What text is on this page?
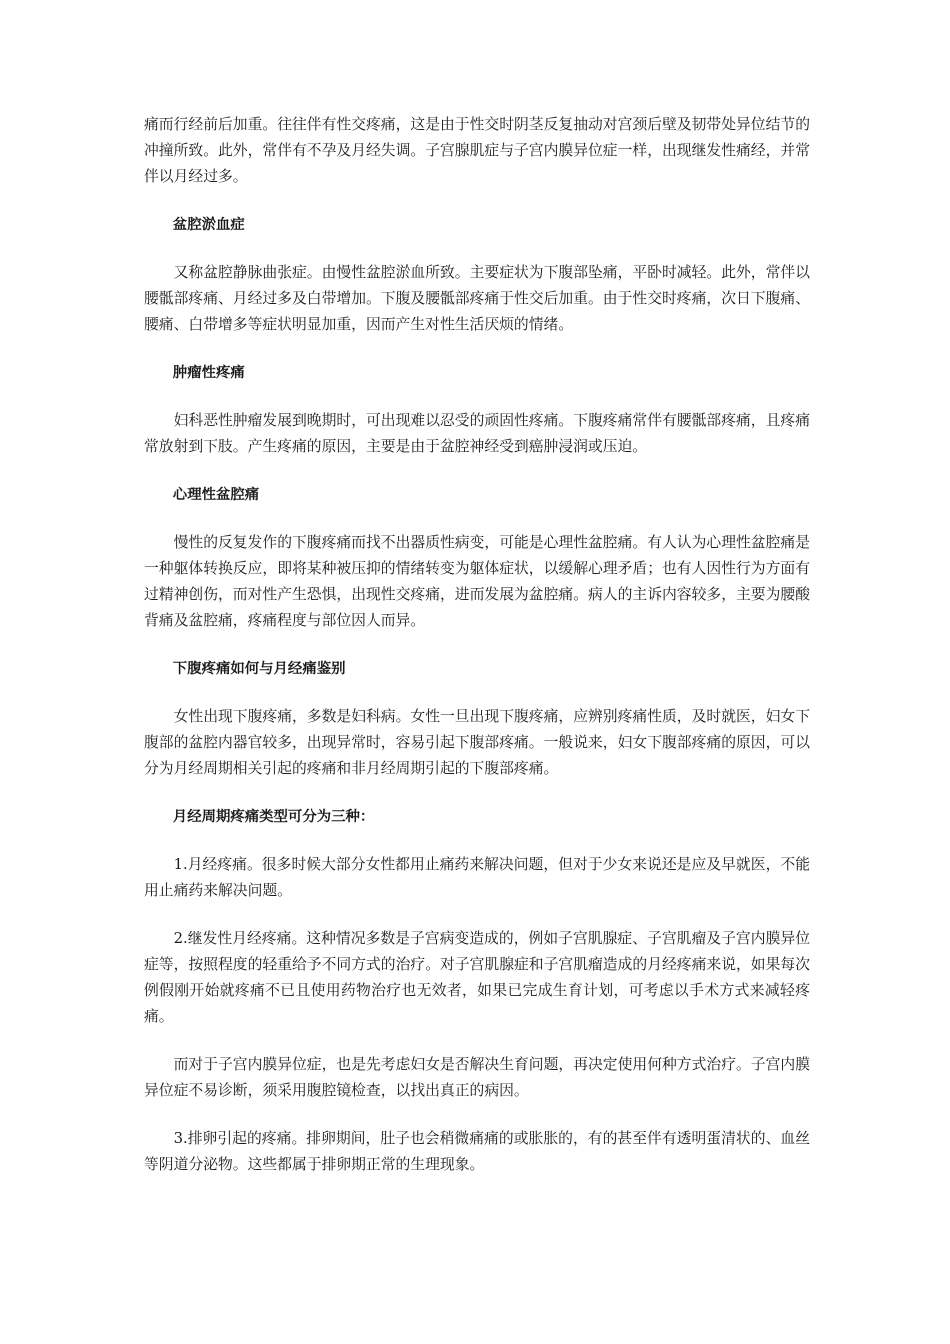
痛而行经前后加重。往往伴有性交疼痛，这是由于性交时阴茎反复抽动对宫颈后壁及韧带处异位结节的冲撞所致。此外，常伴有不孕及月经失调。子宫腺肌症与子宫内膜异位症一样，出现继发性痛经，并常伴以月经过多。

盆腔淤血症

又称盆腔静脉曲张症。由慢性盆腔淤血所致。主要症状为下腹部坠痛，平卧时减轻。此外，常伴以腰骶部疼痛、月经过多及白带增加。下腹及腰骶部疼痛于性交后加重。由于性交时疼痛，次日下腹痛、腰痛、白带增多等症状明显加重，因而产生对性生活厌烦的情绪。

肿瘤性疼痛

妇科恶性肿瘤发展到晚期时，可出现难以忍受的顽固性疼痛。下腹疼痛常伴有腰骶部疼痛，且疼痛常放射到下肢。产生疼痛的原因，主要是由于盆腔神经受到癌肿浸润或压迫。

心理性盆腔痛

慢性的反复发作的下腹疼痛而找不出器质性病变，可能是心理性盆腔痛。有人认为心理性盆腔痛是一种躯体转换反应，即将某种被压抑的情绪转变为躯体症状，以缓解心理矛盾；也有人因性行为方面有过精神创伤，而对性产生恐惧，出现性交疼痛，进而发展为盆腔痛。病人的主诉内容较多，主要为腰酸背痛及盆腔痛，疼痛程度与部位因人而异。

下腹疼痛如何与月经痛鉴别

女性出现下腹疼痛，多数是妇科病。女性一旦出现下腹疼痛，应辨别疼痛性质，及时就医，妇女下腹部的盆腔内器官较多，出现异常时，容易引起下腹部疼痛。一般说来，妇女下腹部疼痛的原因，可以分为月经周期相关引起的疼痛和非月经周期引起的下腹部疼痛。

月经周期疼痛类型可分为三种：

1.月经疼痛。很多时候大部分女性都用止痛药来解决问题，但对于少女来说还是应及早就医，不能用止痛药来解决问题。

2.继发性月经疼痛。这种情况多数是子宫病变造成的，例如子宫肌腺症、子宫肌瘤及子宫内膜异位症等，按照程度的轻重给予不同方式的治疗。对子宫肌腺症和子宫肌瘤造成的月经疼痛来说，如果每次例假刚开始就疼痛不已且使用药物治疗也无效者，如果已完成生育计划，可考虑以手术方式来减轻疼痛。

而对于子宫内膜异位症，也是先考虑妇女是否解决生育问题，再决定使用何种方式治疗。子宫内膜异位症不易诊断，须采用腹腔镜检查，以找出真正的病因。

3.排卵引起的疼痛。排卵期间，肚子也会稍微痛痛的或胀胀的，有的甚至伴有透明蛋清状的、血丝等阴道分泌物。这些都属于排卵期正常的生理现象。
